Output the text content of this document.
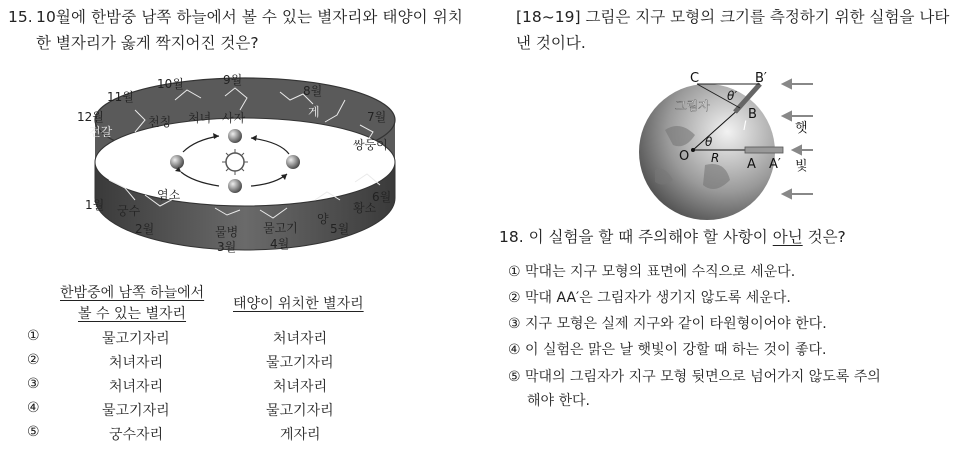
15. 10월에 한밤중 남쪽 하늘에서 볼 수 있는 별자리와 태양이 위치
한 별자리가 옳게 짝지어진 것은?
9월
10월
11월
12월
8월
7월
6월
5월
4월
3월
2월
1월
전갈
천칭 처녀 사자	게
쌍둥이
황소
양
물고기
물병
염소
궁수
한밤중에 남쪽 하늘에서
볼 수 있는 별자리
태양이 위치한 별자리
①	물고기자리	처녀자리
②	처녀자리	물고기자리
③	처녀자리	처녀자리
④	물고기자리	물고기자리
⑤	궁수자리	게자리
[18~19] 그림은 지구 모형의 크기를 측정하기 위한 실험을 나타
낸 것이다.
C	B′
그림자
θ′
B
l
θ
O R A A′
햇
빛
18. 이 실험을 할 때 주의해야 할 사항이 아닌 것은?
① 막대는 지구 모형의 표면에 수직으로 세운다.
② 막대 AA′은 그림자가 생기지 않도록 세운다.
③ 지구 모형은 실제 지구와 같이 타원형이어야 한다.
④ 이 실험은 맑은 날 햇빛이 강할 때 하는 것이 좋다.
⑤ 막대의 그림자가 지구 모형 뒷면으로 넘어가지 않도록 주의
해야 한다.
